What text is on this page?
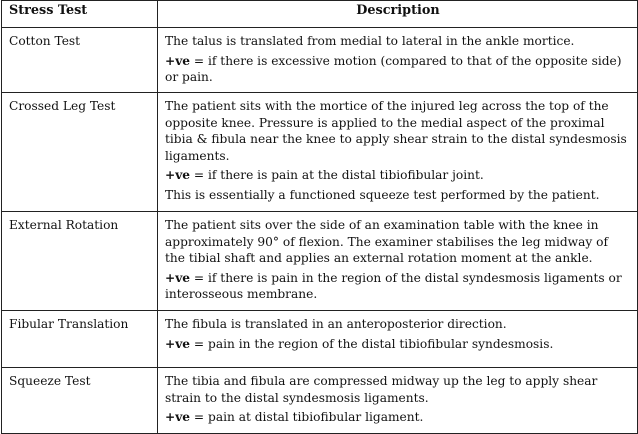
Stress Test	Description
Cotton Test	The talus is translated from medial to lateral in the ankle mortice.

+ve = if there is excessive motion (compared to that of the opposite side) or pain.

Crossed Leg Test	The patient sits with the mortice of the injured leg across the top of the opposite knee. Pressure is applied to the medial aspect of the proximal tibia & fibula near the knee to apply shear strain to the distal syndesmosis ligaments.

+ve = if there is pain at the distal tibiofibular joint.

This is essentially a functioned squeeze test performed by the patient.

External Rotation	The patient sits over the side of an examination table with the knee in approximately 90° of flexion. The examiner stabilises the leg midway of the tibial shaft and applies an external rotation moment at the ankle.

+ve = if there is pain in the region of the distal syndesmosis ligaments or interosseous membrane.

Fibular Translation	The fibula is translated in an anteroposterior direction.

+ve = pain in the region of the distal tibiofibular syndesmosis.

Squeeze Test	The tibia and fibula are compressed midway up the leg to apply shear strain to the distal syndesmosis ligaments.

+ve = pain at distal tibiofibular ligament.
